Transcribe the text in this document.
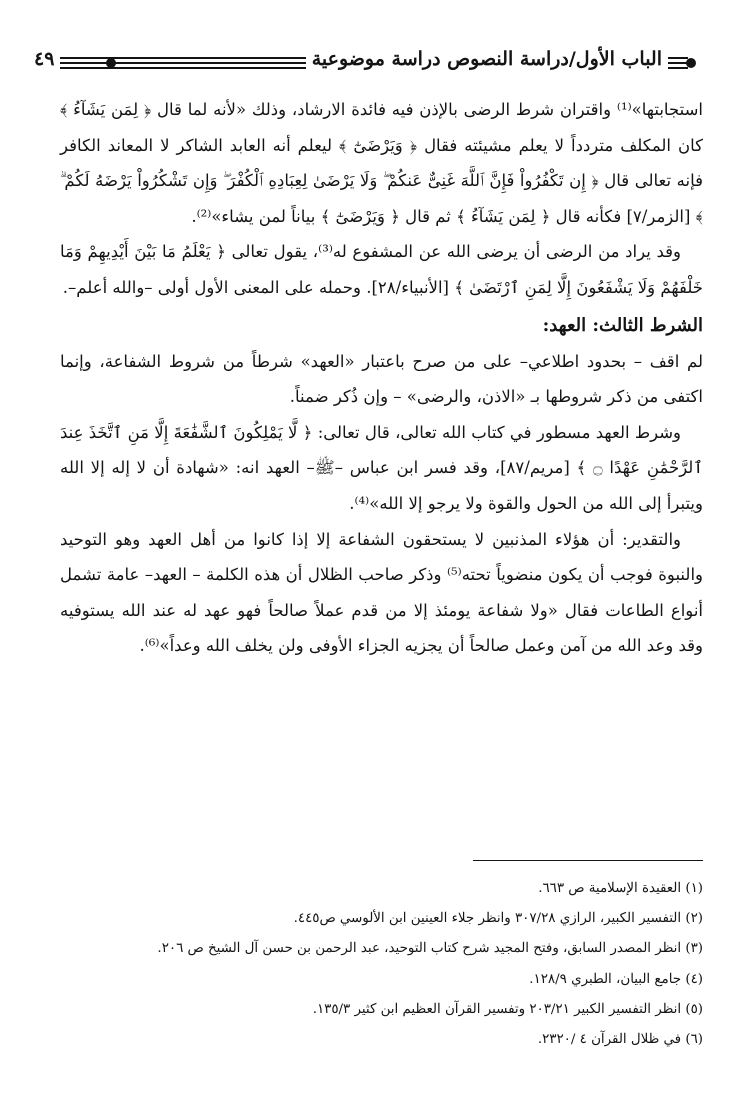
الباب الأول/دراسة النصوص دراسة موضوعية
٤٩

استجابتها»⁽¹⁾ واقتران شرط الرضى بالإذن فيه فائدة الارشاد، وذلك «لأنه لما قال ﴿ لِمَن يَشَآءُ ﴾ كان المكلف متردداً لا يعلم مشيئته فقال ﴿ وَيَرْضَىٰٓ ﴾ ليعلم أنه العابد الشاكر لا المعاند الكافر فإنه تعالى قال ﴿ إِن تَكْفُرُواْ فَإِنَّ ٱللَّهَ غَنِىٌّ عَنكُمْ ۖ وَلَا يَرْضَىٰ لِعِبَادِهِ ٱلْكُفْرَ ۖ وَإِن تَشْكُرُواْ يَرْضَهُ لَكُمْ ۗ ﴾ [الزمر/٧] فكأنه قال ﴿ لِمَن يَشَآءُ ﴾ ثم قال ﴿ وَيَرْضَىٰٓ ﴾ بياناً لمن يشاء»⁽²⁾.

وقد يراد من الرضى أن يرضى الله عن المشفوع له⁽³⁾، يقول تعالى ﴿ يَعْلَمُ مَا بَيْنَ أَيْدِيهِمْ وَمَا خَلْفَهُمْ وَلَا يَشْفَعُونَ إِلَّا لِمَنِ ٱرْتَضَىٰ ﴾ [الأنبياء/٢٨]. وحمله على المعنى الأول أولى –والله أعلم–.

الشرط الثالث: العهد:

لم اقف – بحدود اطلاعي– على من صرح باعتبار «العهد» شرطاً من شروط الشفاعة، وإنما اكتفى من ذكر شروطها بـ «الاذن، والرضى» – وإن ذُكر ضمناً.

وشرط العهد مسطور في كتاب الله تعالى، قال تعالى: ﴿ لَّا يَمْلِكُونَ ٱلشَّفَٰعَةَ إِلَّا مَنِ ٱتَّخَذَ عِندَ ٱلرَّحْمَٰنِ عَهْدًا ۝ ﴾ [مريم/٨٧]، وقد فسر ابن عباس –ﷺ– العهد انه: «شهادة أن لا إله إلا الله ويتبرأ إلى الله من الحول والقوة ولا يرجو إلا الله»⁽⁴⁾.

والتقدير: أن هؤلاء المذنبين لا يستحقون الشفاعة إلا إذا كانوا من أهل العهد وهو التوحيد والنبوة فوجب أن يكون منضوياً تحته⁽⁵⁾ وذكر صاحب الظلال أن هذه الكلمة – العهد– عامة تشمل أنواع الطاعات فقال «ولا شفاعة يومئذ إلا من قدم عملاً صالحاً فهو عهد له عند الله يستوفيه وقد وعد الله من آمن وعمل صالحاً أن يجزيه الجزاء الأوفى ولن يخلف الله وعداً»⁽⁶⁾.

(١) العقيدة الإسلامية ص ٦٦٣.

(٢) التفسير الكبير، الرازي ٣٠٧/٢٨ وانظر جلاء العينين ابن الألوسي ص٤٤٥.

(٣) انظر المصدر السابق، وفتح المجيد شرح كتاب التوحيد، عبد الرحمن بن حسن آل الشيخ ص ٢٠٦.

(٤) جامع البيان، الطبري ١٢٨/٩.

(٥) انظر التفسير الكبير ٢٠٣/٢١ وتفسير القرآن العظيم ابن كثير ١٣٥/٣.

(٦) في ظلال القرآن ٤ /٢٣٢٠.
